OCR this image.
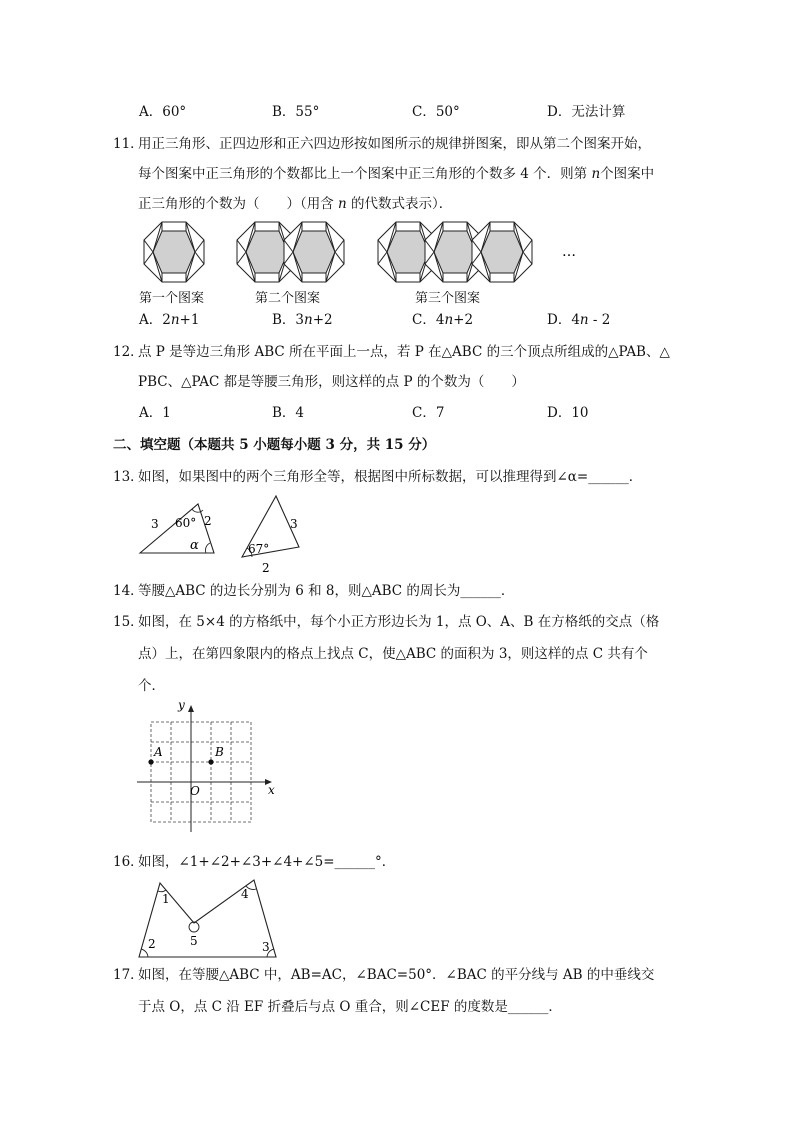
A．60°	B．55°	C．50°	D．无法计算
11．
用正三角形、正四边形和正六四边形按如图所示的规律拼图案，即从第二个图案开始，
每个图案中正三角形的个数都比上一个图案中正三角形的个数多 4 个．则第 n个图案中
正三角形的个数为（　　）（用含 n 的代数式表示）．
…
第一个图案	第二个图案	第三个图案
A．2n+1	B．3n+2	C．4n+2	D．4n - 2
12．
点 P 是等边三角形 ABC 所在平面上一点，若 P 在△ABC 的三个顶点所组成的△PAB、△
PBC、△PAC 都是等腰三角形，则这样的点 P 的个数为（　　）
A．1	B．4	C．7	D．10
二、填空题（本题共 5 小题每小题 3 分，共 15 分）
13．
如图，如果图中的两个三角形全等，根据图中所标数据，可以推理得到∠α=______．
3	2
60°
α
3
67°
2
14．
等腰△ABC 的边长分别为 6 和 8，则△ABC 的周长为______．
15．
如图，在 5×4 的方格纸中，每个小正方形边长为 1，点 O、A、B 在方格纸的交点（格
点）上，在第四象限内的格点上找点 C，使△ABC 的面积为 3，则这样的点 C 共有个
个．
y
x
A	B
O
16．
如图，∠1+∠2+∠3+∠4+∠5=______°．
1
2	3
4
5
17．
如图，在等腰△ABC 中，AB=AC，∠BAC=50°．∠BAC 的平分线与 AB 的中垂线交
于点 O，点 C 沿 EF 折叠后与点 O 重合，则∠CEF 的度数是______．
